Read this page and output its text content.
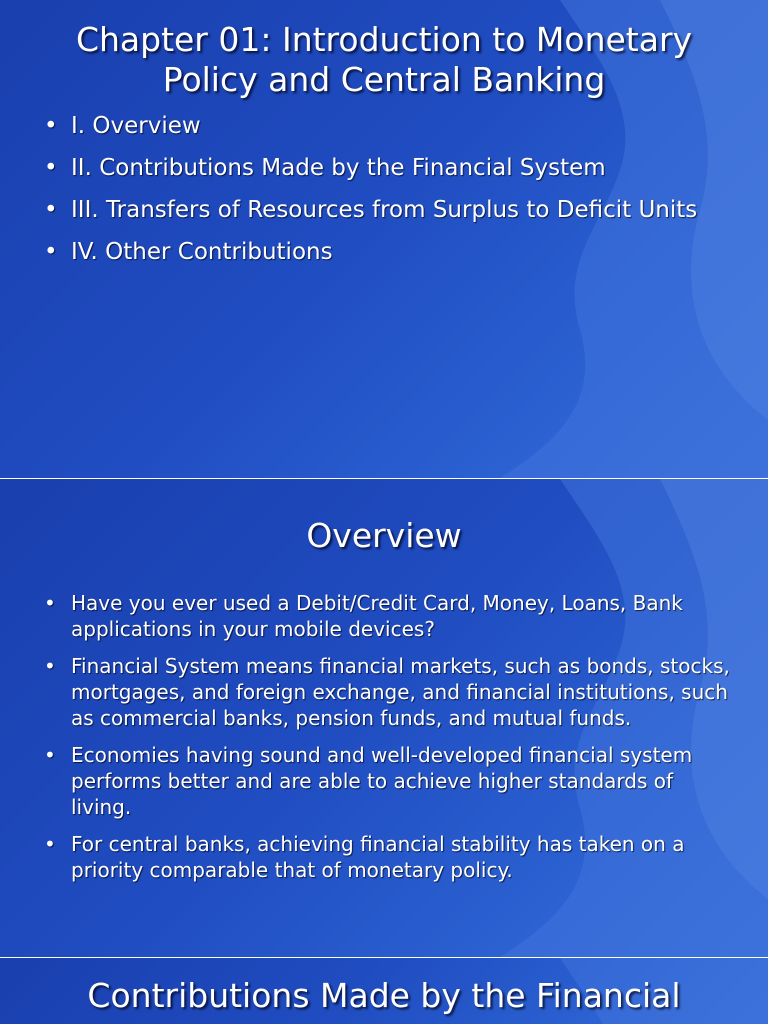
Chapter 01: Introduction to Monetary Policy and Central Banking
• I. Overview
• II. Contributions Made by the Financial System
• III. Transfers of Resources from Surplus to Deficit Units
• IV. Other Contributions
Overview
• Have you ever used a Debit/Credit Card, Money, Loans, Bank applications in your mobile devices?
• Financial System means financial markets, such as bonds, stocks, mortgages, and foreign exchange, and financial institutions, such as commercial banks, pension funds, and mutual funds.
• Economies having sound and well-developed financial system performs better and are able to achieve higher standards of living.
• For central banks, achieving financial stability has taken on a priority comparable that of monetary policy.
Contributions Made by the Financial
